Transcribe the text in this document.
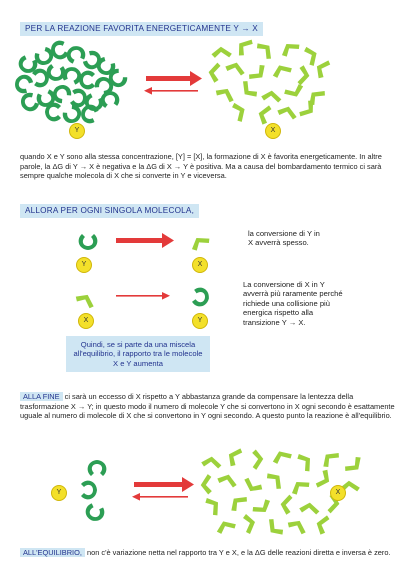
PER LA REAZIONE FAVORITA ENERGETICAMENTE Y → X
Y	X
quando X e Y sono alla stessa concentrazione, [Y] = [X], la formazione di X è favorita energeticamente. In altre parole, la ΔG di Y → X è negativa e la ΔG di X → Y è positiva. Ma a causa del bombardamento termico ci sarà sempre qualche molecola di X che si converte in Y e viceversa.
ALLORA PER OGNI SINGOLA MOLECOLA,
Y	X
la conversione di Y in X avverrà spesso.
X	Y
La conversione di X in Y avverrà più raramente perché richiede una collisione più energica rispetto alla transizione Y → X.
Quindi, se si parte da una miscela all'equilibrio, il rapporto tra le molecole X e Y aumenta
ALLA FINE ci sarà un eccesso di X rispetto a Y abbastanza grande da compensare la lentezza della trasformazione X → Y; in questo modo il numero di molecole Y che si convertono in X ogni secondo è esattamente uguale al numero di molecole di X che si convertono in Y ogni secondo. A questo punto la reazione è all'equilibrio.
Y	X
ALL'EQUILIBRIO, non c'è variazione netta nel rapporto tra Y e X, e la ΔG delle reazioni diretta e inversa è zero.
